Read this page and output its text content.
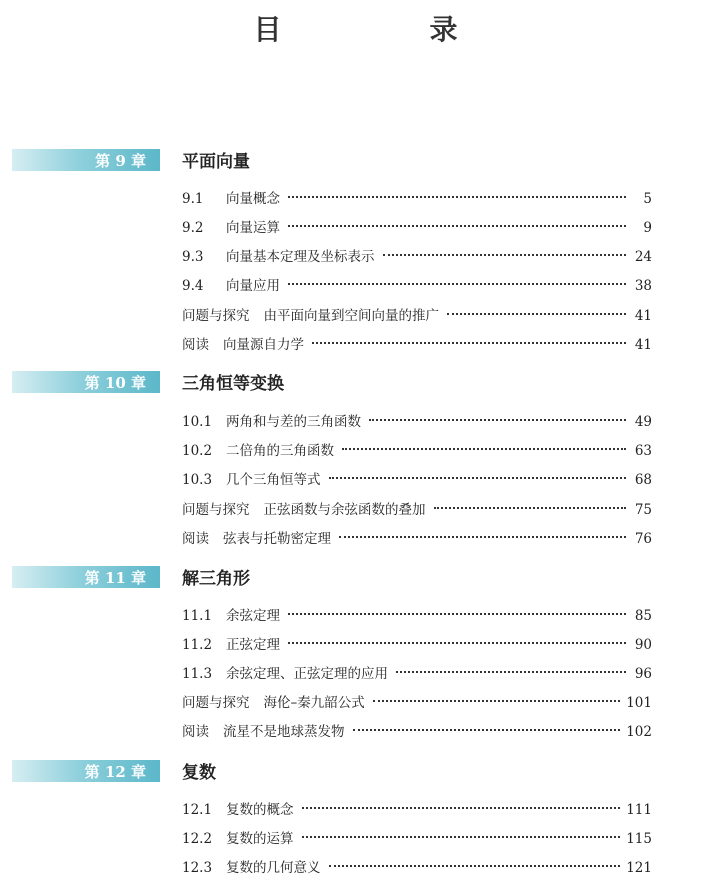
目　录
第 9 章 平面向量
9.1	向量概念	5
9.2	向量运算	9
9.3	向量基本定理及坐标表示	24
9.4	向量应用	38
问题与探究 由平面向量到空间向量的推广	41
阅读 向量源自力学	41
第 10 章 三角恒等变换
10.1	两角和与差的三角函数	49
10.2	二倍角的三角函数	63
10.3	几个三角恒等式	68
问题与探究 正弦函数与余弦函数的叠加	75
阅读 弦表与托勒密定理	76
第 11 章 解三角形
11.1	余弦定理	85
11.2	正弦定理	90
11.3	余弦定理、正弦定理的应用	96
问题与探究 海伦–秦九韶公式	101
阅读 流星不是地球蒸发物	102
第 12 章 复数
12.1	复数的概念	111
12.2	复数的运算	115
12.3	复数的几何意义	121
